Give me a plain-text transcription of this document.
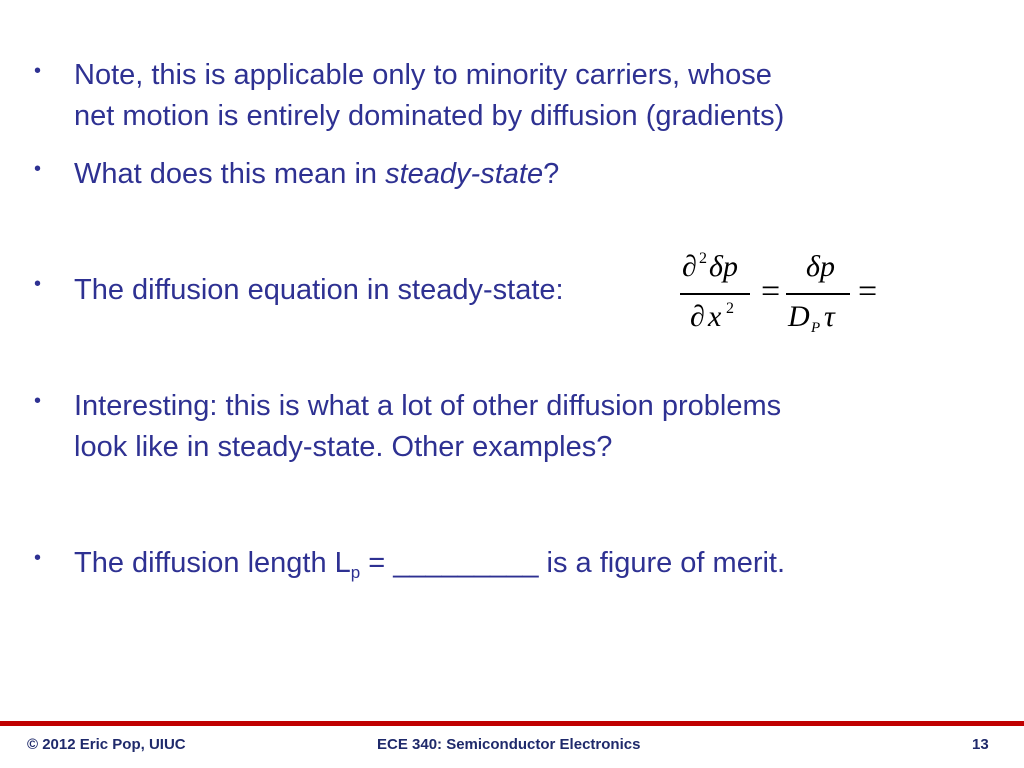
• Note, this is applicable only to minority carriers, whose
net motion is entirely dominated by diffusion (gradients)
• What does this mean in steady-state?
• The diffusion equation in steady-state:
∂ 2 δp
∂ x 2 =
δp
D P τ
=
• Interesting: this is what a lot of other diffusion problems
look like in steady-state. Other examples?
• The diffusion length $L_p$ = _________ is a figure of merit.
© 2012 Eric Pop, UIUC	ECE 340: Semiconductor Electronics	13
